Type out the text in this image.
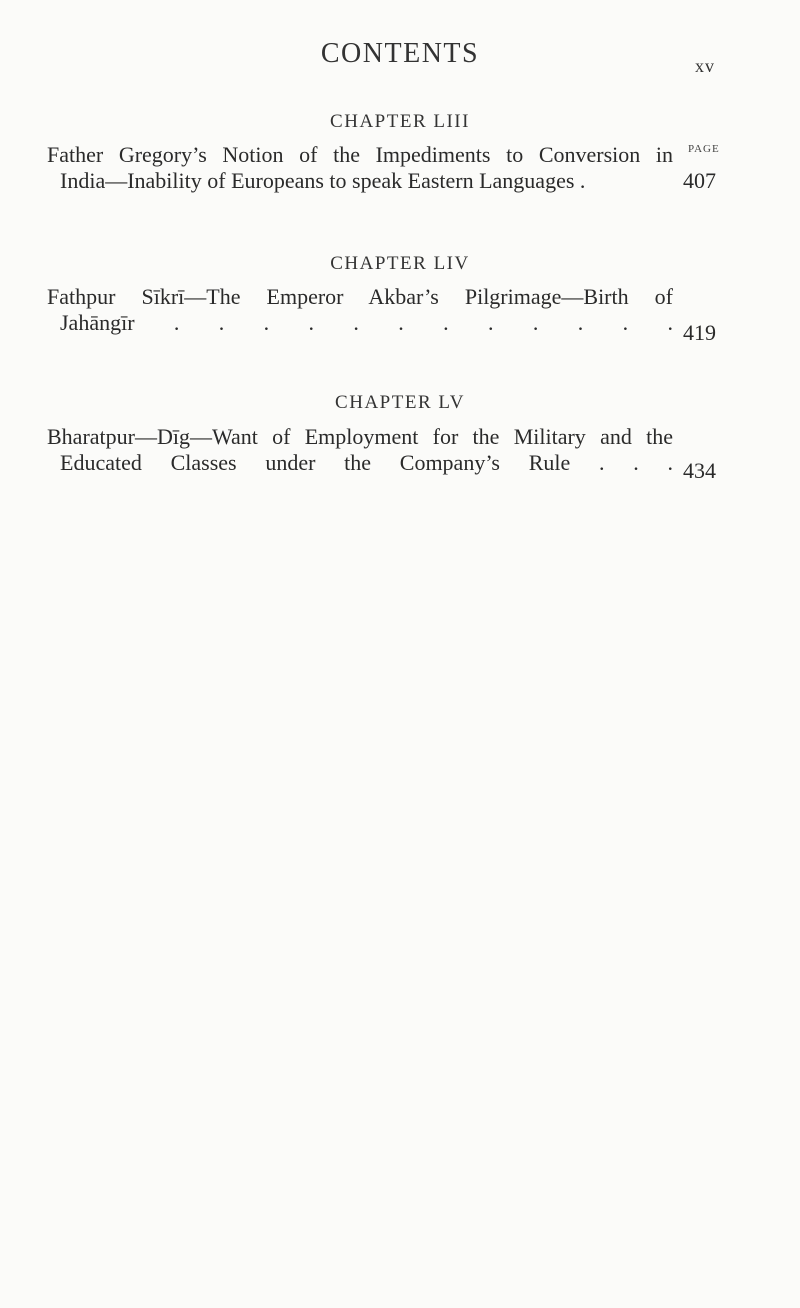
CONTENTS	xv
CHAPTER LIII
PAGE
Father Gregory’s Notion of the Impediments to Conversion in
India—Inability of Europeans to speak Eastern Languages .	407
CHAPTER LIV
Fathpur Sīkrī—The Emperor Akbar’s Pilgrimage—Birth of
Jahāngīr . . . . . . . . . . . . 419
CHAPTER LV
Bharatpur—Dīg—Want of Employment for the Military and the
Educated Classes under the Company’s Rule . . . 434
